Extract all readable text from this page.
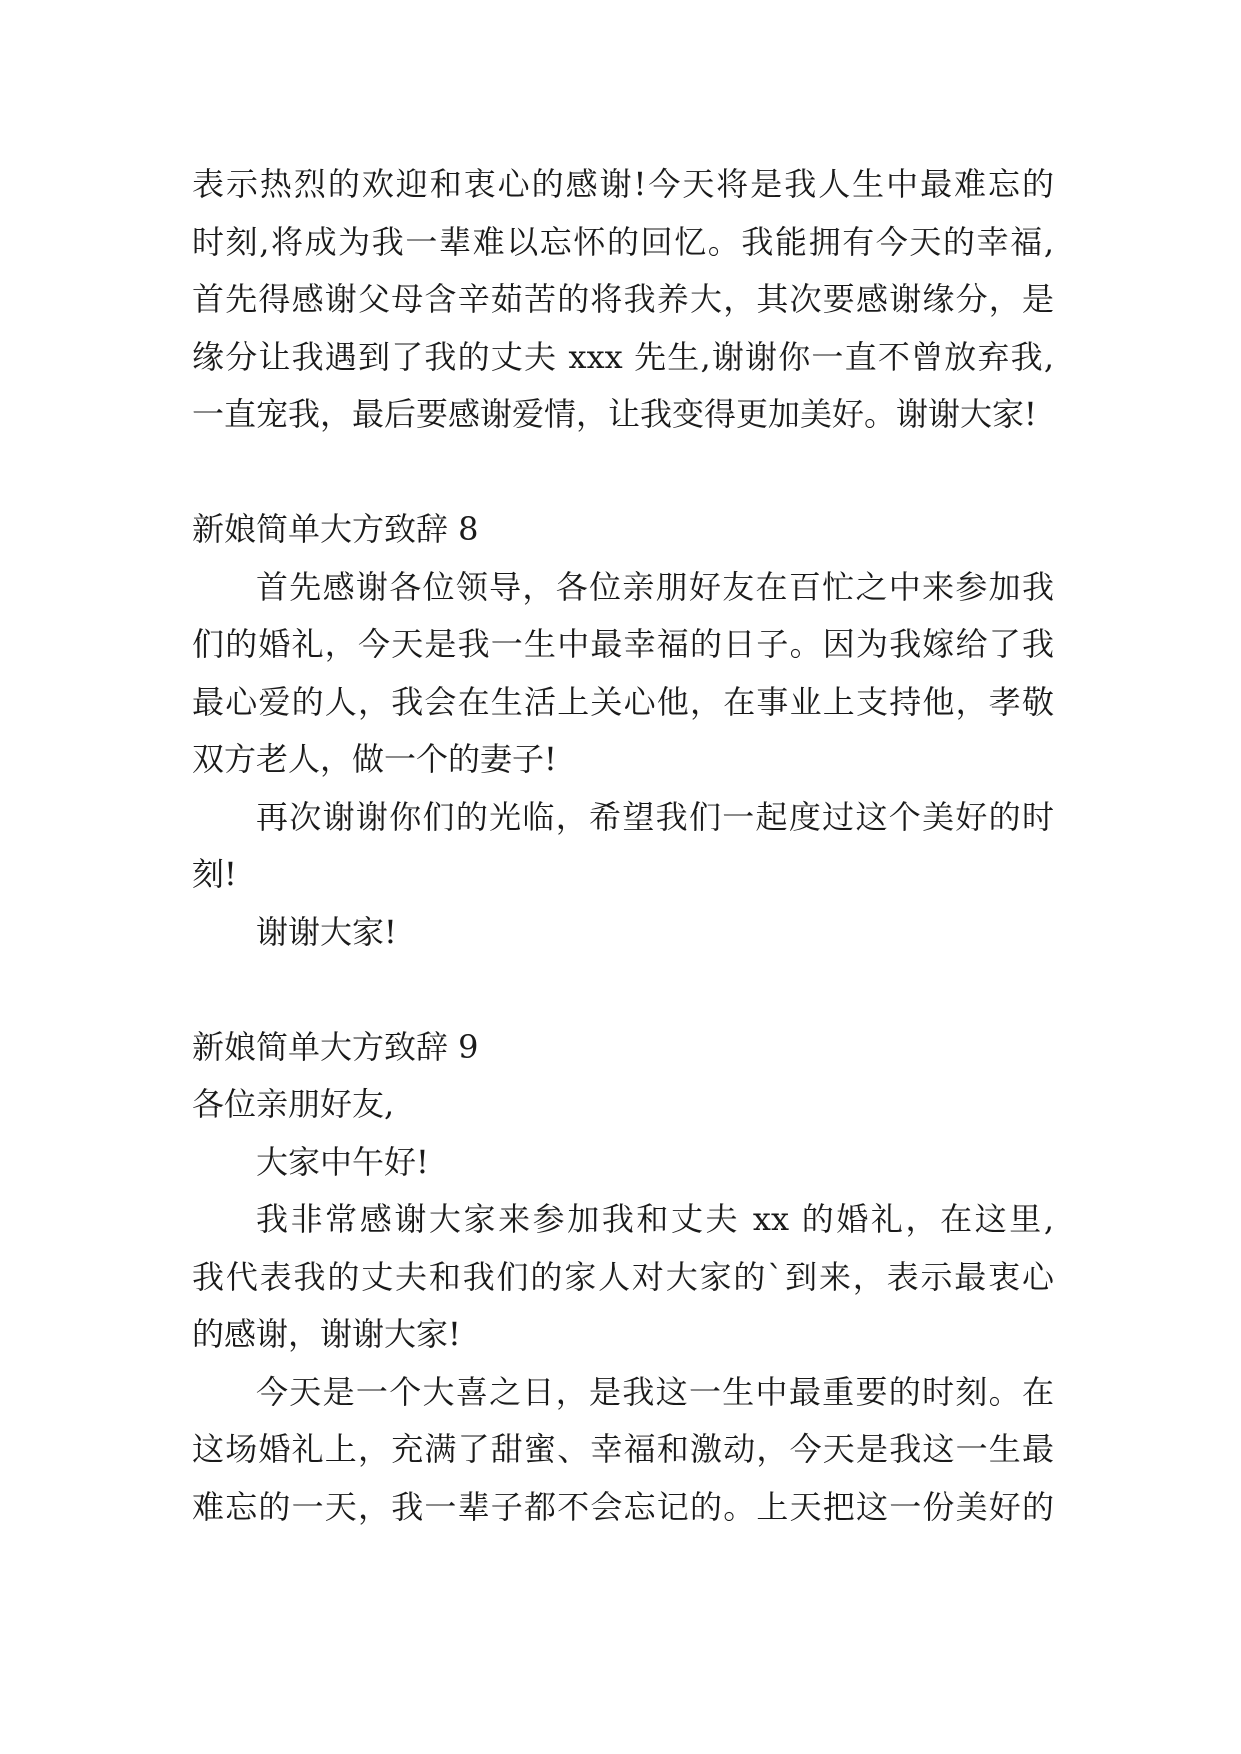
表示热烈的欢迎和衷心的感谢!今天将是我人生中最难忘的
时刻,将成为我一辈难以忘怀的回忆。我能拥有今天的幸福,
首先得感谢父母含辛茹苦的将我养大，其次要感谢缘分，是
缘分让我遇到了我的丈夫 xxx 先生,谢谢你一直不曾放弃我,
一直宠我，最后要感谢爱情，让我变得更加美好。谢谢大家!
新娘简单大方致辞 8
首先感谢各位领导，各位亲朋好友在百忙之中来参加我
们的婚礼，今天是我一生中最幸福的日子。因为我嫁给了我
最心爱的人，我会在生活上关心他，在事业上支持他，孝敬
双方老人，做一个的妻子!
再次谢谢你们的光临，希望我们一起度过这个美好的时
刻!
谢谢大家!
新娘简单大方致辞 9
各位亲朋好友,
大家中午好!
我非常感谢大家来参加我和丈夫 xx 的婚礼，在这里,
我代表我的丈夫和我们的家人对大家的`到来，表示最衷心
的感谢，谢谢大家!
今天是一个大喜之日，是我这一生中最重要的时刻。在
这场婚礼上，充满了甜蜜、幸福和激动，今天是我这一生最
难忘的一天，我一辈子都不会忘记的。上天把这一份美好的
